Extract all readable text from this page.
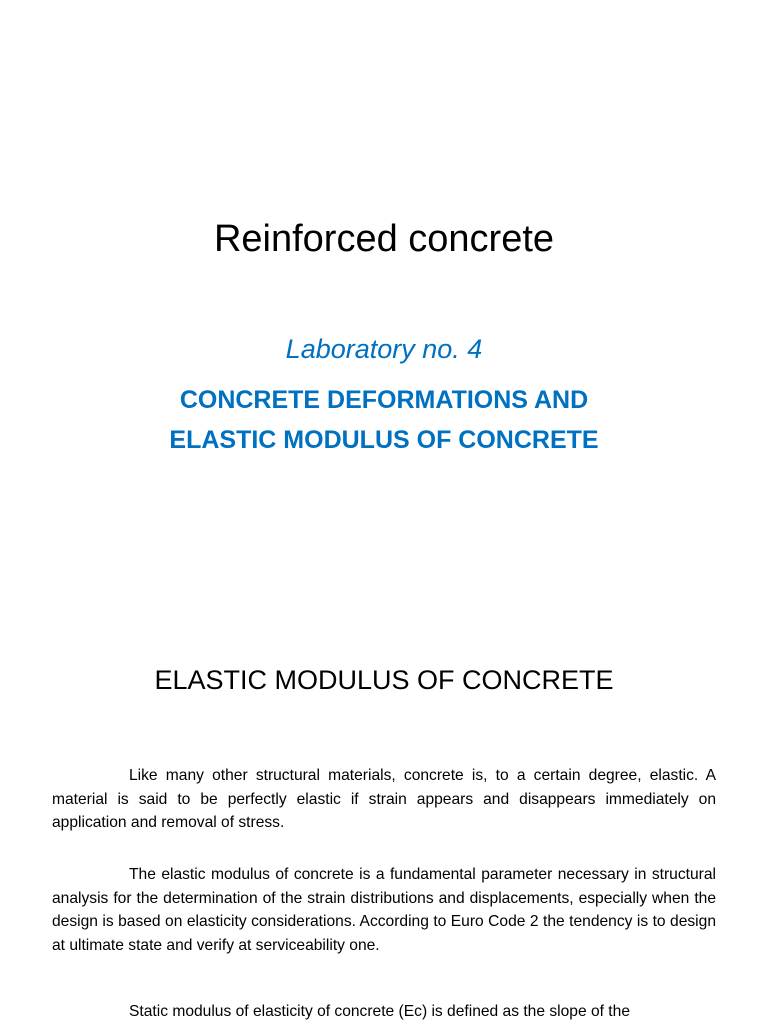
Reinforced concrete
Laboratory no. 4
CONCRETE DEFORMATIONS AND
ELASTIC MODULUS OF CONCRETE
ELASTIC MODULUS OF CONCRETE

Like many other structural materials, concrete is, to a certain degree, elastic. A material is said to be perfectly elastic if strain appears and disappears immediately on application and removal of stress.

The elastic modulus of concrete is a fundamental parameter necessary in structural analysis for the determination of the strain distributions and displacements, especially when the design is based on elasticity considerations. According to Euro Code 2 the tendency is to design at ultimate state and verify at serviceability one.

Static modulus of elasticity of concrete (Ec) is defined as the slope of the
